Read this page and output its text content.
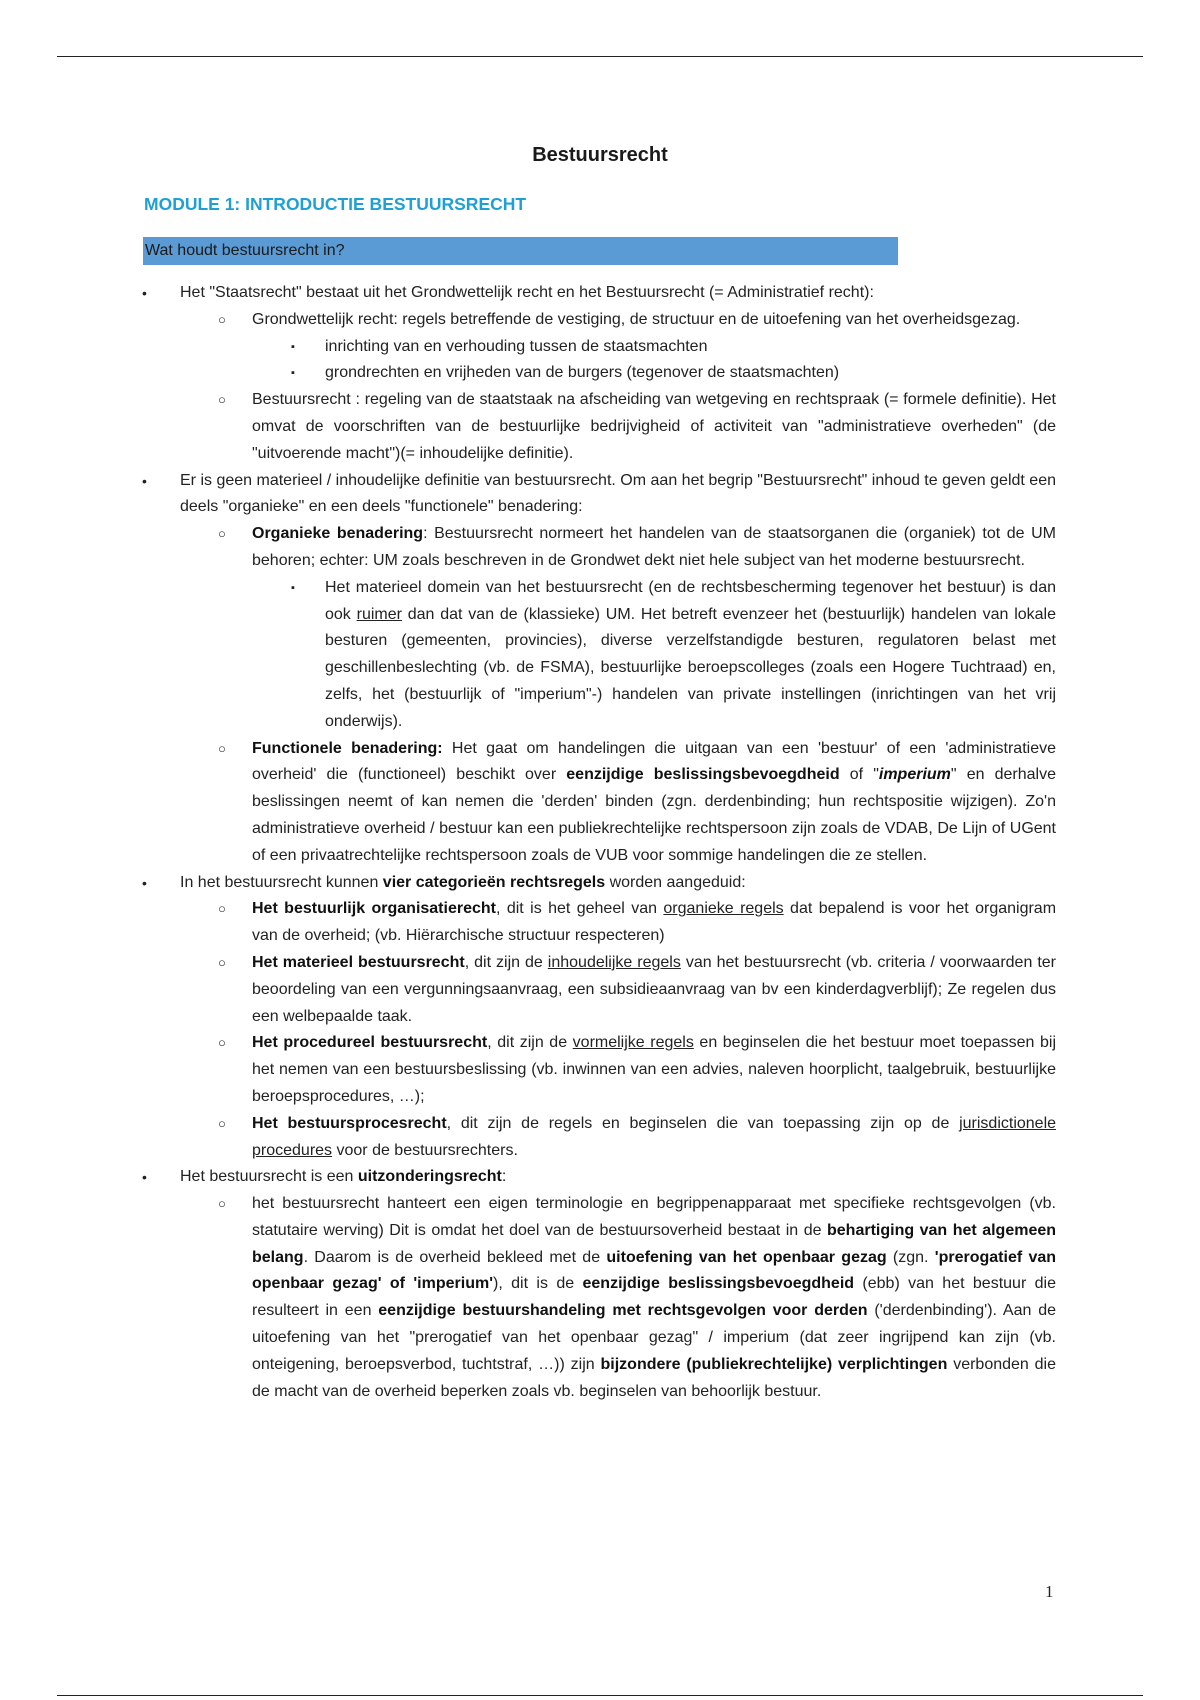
Bestuursrecht
MODULE 1: INTRODUCTIE BESTUURSRECHT
Wat houdt bestuursrecht in?
• Het "Staatsrecht" bestaat uit het Grondwettelijk recht en het Bestuursrecht (= Administratief recht):
○ Grondwettelijk recht: regels betreffende de vestiging, de structuur en de uitoefening van het overheidsgezag.
▪ inrichting van en verhouding tussen de staatsmachten
▪ grondrechten en vrijheden van de burgers (tegenover de staatsmachten)
○ Bestuursrecht : regeling van de staatstaak na afscheiding van wetgeving en rechtspraak (= formele definitie). Het omvat de voorschriften van de bestuurlijke bedrijvigheid of activiteit van "administratieve overheden" (de "uitvoerende macht")(= inhoudelijke definitie).
• Er is geen materieel / inhoudelijke definitie van bestuursrecht. Om aan het begrip "Bestuursrecht" inhoud te geven geldt een deels "organieke" en een deels "functionele" benadering:
○ Organieke benadering: Bestuursrecht normeert het handelen van de staatsorganen die (organiek) tot de UM behoren; echter: UM zoals beschreven in de Grondwet dekt niet hele subject van het moderne bestuursrecht.
▪ Het materieel domein van het bestuursrecht (en de rechtsbescherming tegenover het bestuur) is dan ook ruimer dan dat van de (klassieke) UM. Het betreft evenzeer het (bestuurlijk) handelen van lokale besturen (gemeenten, provincies), diverse verzelfstandigde besturen, regulatoren belast met geschillenbeslechting (vb. de FSMA), bestuurlijke beroepscolleges (zoals een Hogere Tuchtraad) en, zelfs, het (bestuurlijk of "imperium"-) handelen van private instellingen (inrichtingen van het vrij onderwijs).
○ Functionele benadering: Het gaat om handelingen die uitgaan van een 'bestuur' of een 'administratieve overheid' die (functioneel) beschikt over eenzijdige beslissingsbevoegdheid of "imperium" en derhalve beslissingen neemt of kan nemen die 'derden' binden (zgn. derdenbinding; hun rechtspositie wijzigen). Zo'n administratieve overheid / bestuur kan een publiekrechtelijke rechtspersoon zijn zoals de VDAB, De Lijn of UGent of een privaatrechtelijke rechtspersoon zoals de VUB voor sommige handelingen die ze stellen.
• In het bestuursrecht kunnen vier categorieën rechtsregels worden aangeduid:
○ Het bestuurlijk organisatierecht, dit is het geheel van organieke regels dat bepalend is voor het organigram van de overheid; (vb. Hiërarchische structuur respecteren)
○ Het materieel bestuursrecht, dit zijn de inhoudelijke regels van het bestuursrecht (vb. criteria / voorwaarden ter beoordeling van een vergunningsaanvraag, een subsidieaanvraag van bv een kinderdagverblijf); Ze regelen dus een welbepaalde taak.
○ Het procedureel bestuursrecht, dit zijn de vormelijke regels en beginselen die het bestuur moet toepassen bij het nemen van een bestuursbeslissing (vb. inwinnen van een advies, naleven hoorplicht, taalgebruik, bestuurlijke beroepsprocedures, …);
○ Het bestuursprocesrecht, dit zijn de regels en beginselen die van toepassing zijn op de jurisdictionele procedures voor de bestuursrechters.
• Het bestuursrecht is een uitzonderingsrecht:
○ het bestuursrecht hanteert een eigen terminologie en begrippenapparaat met specifieke rechtsgevolgen (vb. statutaire werving) Dit is omdat het doel van de bestuursoverheid bestaat in de behartiging van het algemeen belang. Daarom is de overheid bekleed met de uitoefening van het openbaar gezag (zgn. 'prerogatief van openbaar gezag' of 'imperium'), dit is de eenzijdige beslissingsbevoegdheid (ebb) van het bestuur die resulteert in een eenzijdige bestuurshandeling met rechtsgevolgen voor derden ('derdenbinding'). Aan de uitoefening van het "prerogatief van het openbaar gezag" / imperium (dat zeer ingrijpend kan zijn (vb. onteigening, beroepsverbod, tuchtstraf, …)) zijn bijzondere (publiekrechtelijke) verplichtingen verbonden die de macht van de overheid beperken zoals vb. beginselen van behoorlijk bestuur.
1
